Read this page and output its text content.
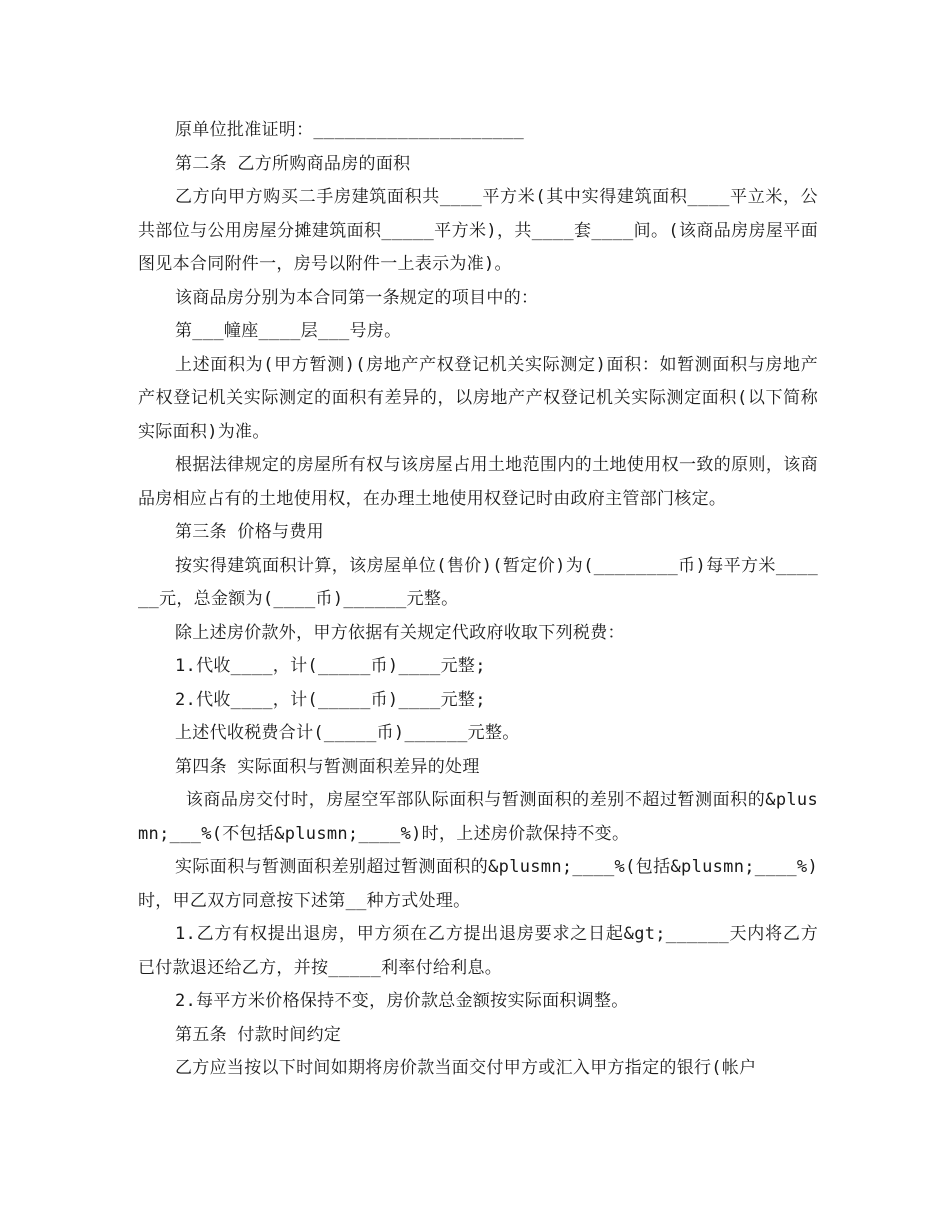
原单位批准证明：____________________

第二条 乙方所购商品房的面积

乙方向甲方购买二手房建筑面积共____平方米(其中实得建筑面积____平立米，公共部位与公用房屋分摊建筑面积_____平方米)，共____套____间。(该商品房房屋平面图见本合同附件一，房号以附件一上表示为准)。

该商品房分别为本合同第一条规定的项目中的：

第___幢座____层___号房。

上述面积为(甲方暂测)(房地产产权登记机关实际测定)面积：如暂测面积与房地产产权登记机关实际测定的面积有差异的，以房地产产权登记机关实际测定面积(以下简称实际面积)为准。

根据法律规定的房屋所有权与该房屋占用土地范围内的土地使用权一致的原则，该商品房相应占有的土地使用权，在办理土地使用权登记时由政府主管部门核定。

第三条 价格与费用

按实得建筑面积计算，该房屋单位(售价)(暂定价)为(________币)每平方米______元，总金额为(____币)______元整。

除上述房价款外，甲方依据有关规定代政府收取下列税费：

1.代收____，计(_____币)____元整;

2.代收____，计(_____币)____元整;

上述代收税费合计(_____币)______元整。

第四条 实际面积与暂测面积差异的处理

该商品房交付时，房屋空军部队际面积与暂测面积的差别不超过暂测面积的&plusmn;___%(不包括&plusmn;____%)时，上述房价款保持不变。

实际面积与暂测面积差别超过暂测面积的&plusmn;____%(包括&plusmn;____%)时，甲乙双方同意按下述第__种方式处理。

1.乙方有权提出退房，甲方须在乙方提出退房要求之日起&gt;______天内将乙方已付款退还给乙方，并按_____利率付给利息。

2.每平方米价格保持不变，房价款总金额按实际面积调整。

第五条 付款时间约定

乙方应当按以下时间如期将房价款当面交付甲方或汇入甲方指定的银行(帐户
